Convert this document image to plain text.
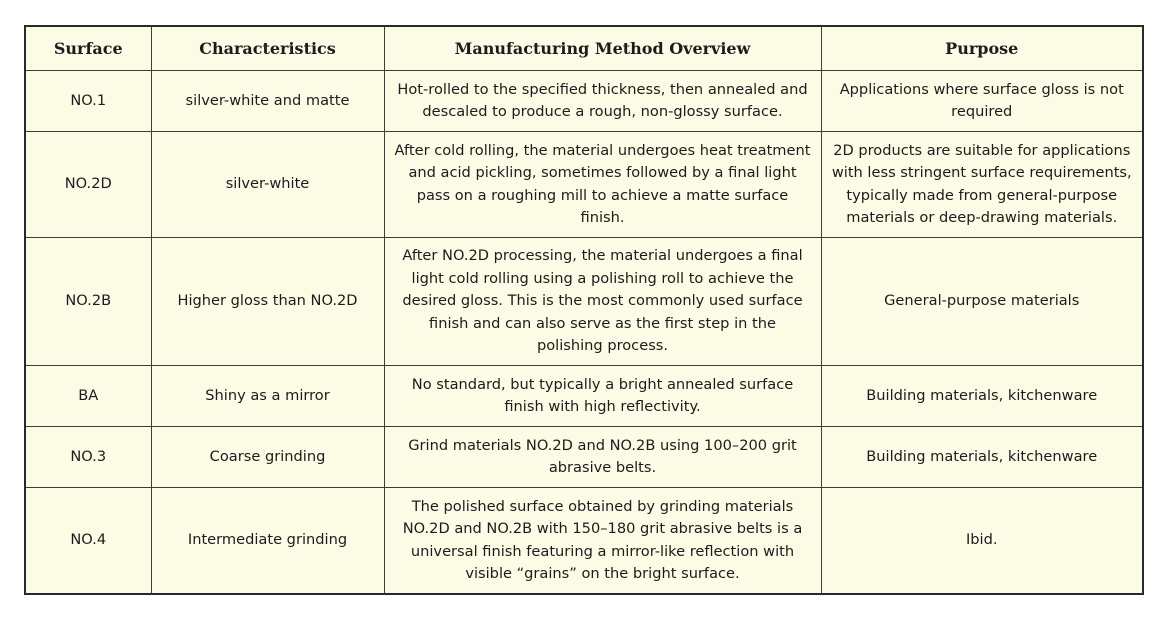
Surface	Characteristics	Manufacturing Method Overview	Purpose
NO.1	silver-white and matte	Hot-rolled to the specified thickness, then annealed and descaled to produce a rough, non-glossy surface.	Applications where surface gloss is not required
NO.2D	silver-white	After cold rolling, the material undergoes heat treatment and acid pickling, sometimes followed by a final light pass on a roughing mill to achieve a matte surface finish.	2D products are suitable for applications with less stringent surface requirements, typically made from general-purpose materials or deep-drawing materials.
NO.2B	Higher gloss than NO.2D	After NO.2D processing, the material undergoes a final light cold rolling using a polishing roll to achieve the desired gloss. This is the most commonly used surface finish and can also serve as the first step in the polishing process.	General-purpose materials
BA	Shiny as a mirror	No standard, but typically a bright annealed surface finish with high reflectivity.	Building materials, kitchenware
NO.3	Coarse grinding	Grind materials NO.2D and NO.2B using 100–200 grit abrasive belts.	Building materials, kitchenware
NO.4	Intermediate grinding	The polished surface obtained by grinding materials NO.2D and NO.2B with 150–180 grit abrasive belts is a universal finish featuring a mirror-like reflection with visible “grains” on the bright surface.	Ibid.
